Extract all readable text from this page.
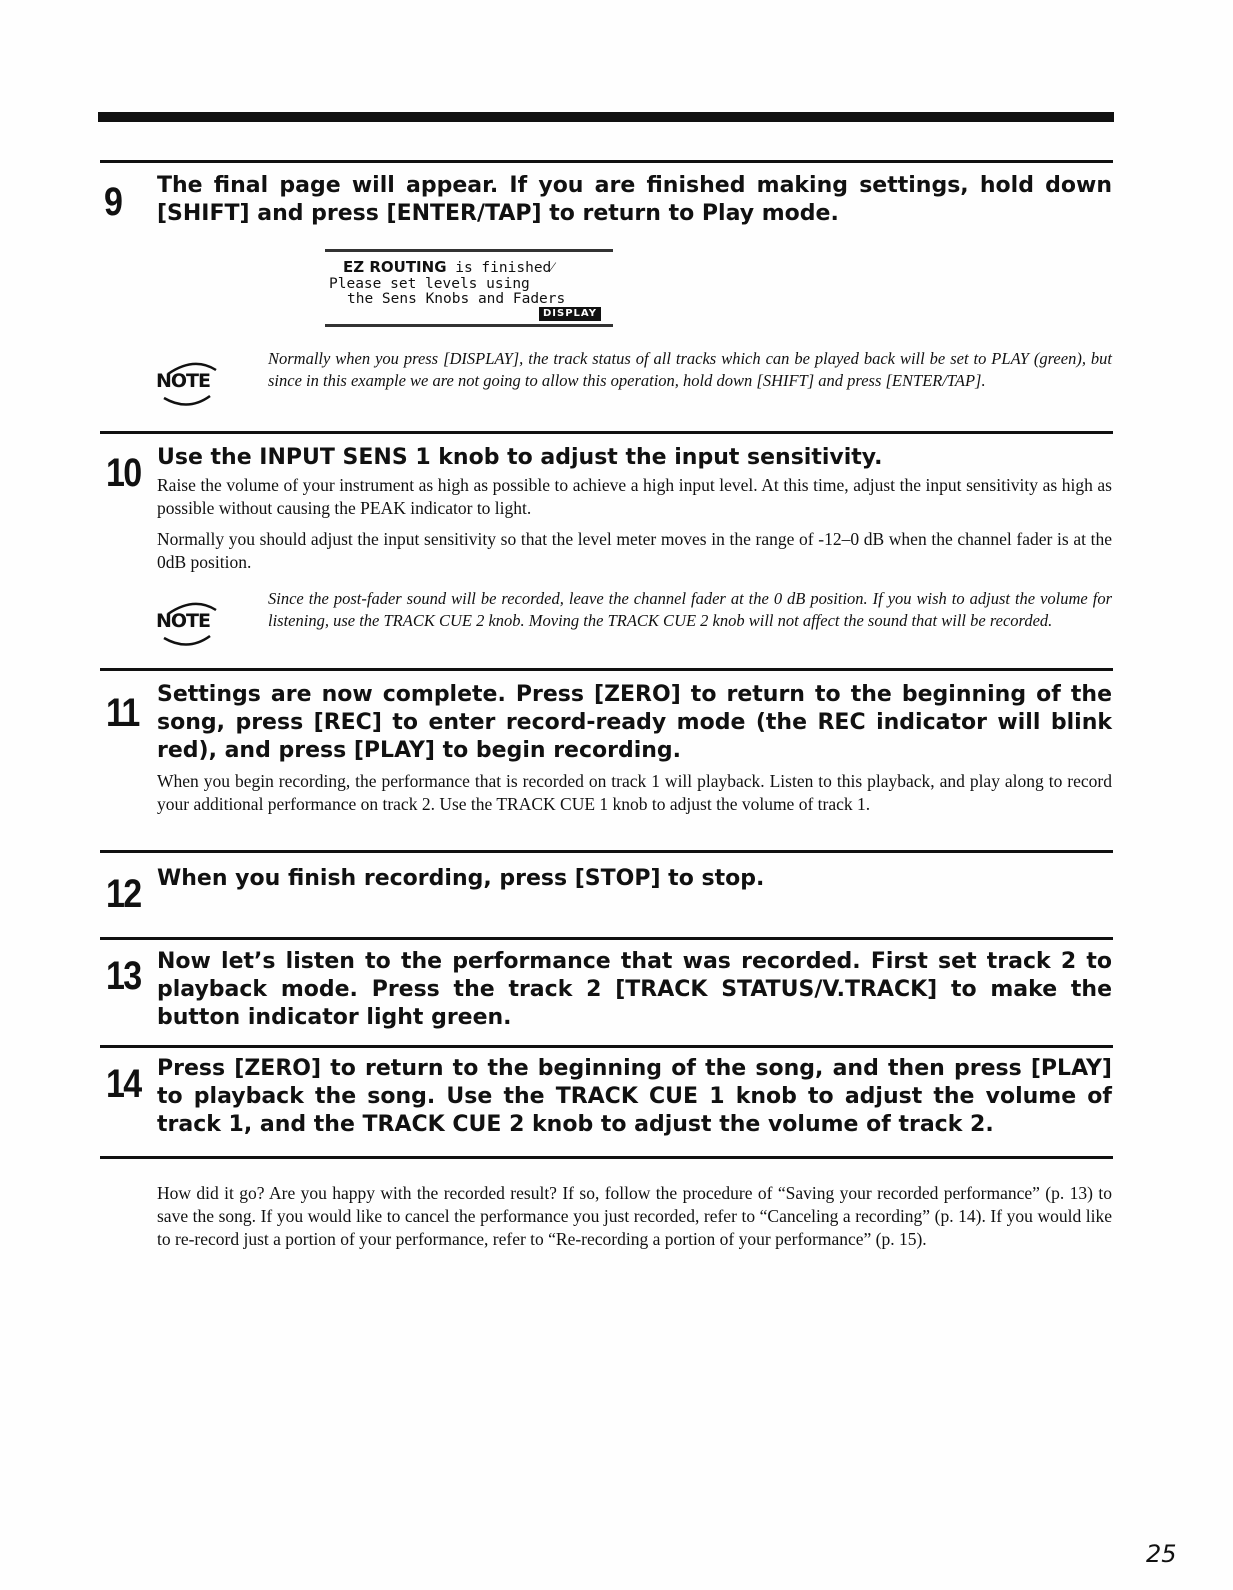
9 The final page will appear. If you are finished making settings, hold down [SHIFT] and press [ENTER/TAP] to return to Play mode.
EZ ROUTING is finished⁄
Please set levels using
the Sens Knobs and Faders
DISPLAY
NOTE
Normally when you press [DISPLAY], the track status of all tracks which can be played back will be set to PLAY (green), but since in this example we are not going to allow this operation, hold down [SHIFT] and press [ENTER/TAP].
10 Use the INPUT SENS 1 knob to adjust the input sensitivity.
Raise the volume of your instrument as high as possible to achieve a high input level. At this time, adjust the input sensitivity as high as possible without causing the PEAK indicator to light.
Normally you should adjust the input sensitivity so that the level meter moves in the range of -12–0 dB when the channel fader is at the 0dB position.
NOTE
Since the post-fader sound will be recorded, leave the channel fader at the 0 dB position. If you wish to adjust the volume for listening, use the TRACK CUE 2 knob. Moving the TRACK CUE 2 knob will not affect the sound that will be recorded.
11 Settings are now complete. Press [ZERO] to return to the beginning of the song, press [REC] to enter record-ready mode (the REC indicator will blink red), and press [PLAY] to begin recording.
When you begin recording, the performance that is recorded on track 1 will playback. Listen to this playback, and play along to record your additional performance on track 2. Use the TRACK CUE 1 knob to adjust the volume of track 1.
12 When you finish recording, press [STOP] to stop.
13 Now let’s listen to the performance that was recorded. First set track 2 to playback mode. Press the track 2 [TRACK STATUS/V.TRACK] to make the button indicator light green.
14 Press [ZERO] to return to the beginning of the song, and then press [PLAY] to playback the song. Use the TRACK CUE 1 knob to adjust the volume of track 1, and the TRACK CUE 2 knob to adjust the volume of track 2.
How did it go? Are you happy with the recorded result? If so, follow the procedure of “Saving your recorded performance” (p. 13) to save the song. If you would like to cancel the performance you just recorded, refer to “Canceling a recording” (p. 14). If you would like to re-record just a portion of your performance, refer to “Re-recording a portion of your performance” (p. 15).
25
